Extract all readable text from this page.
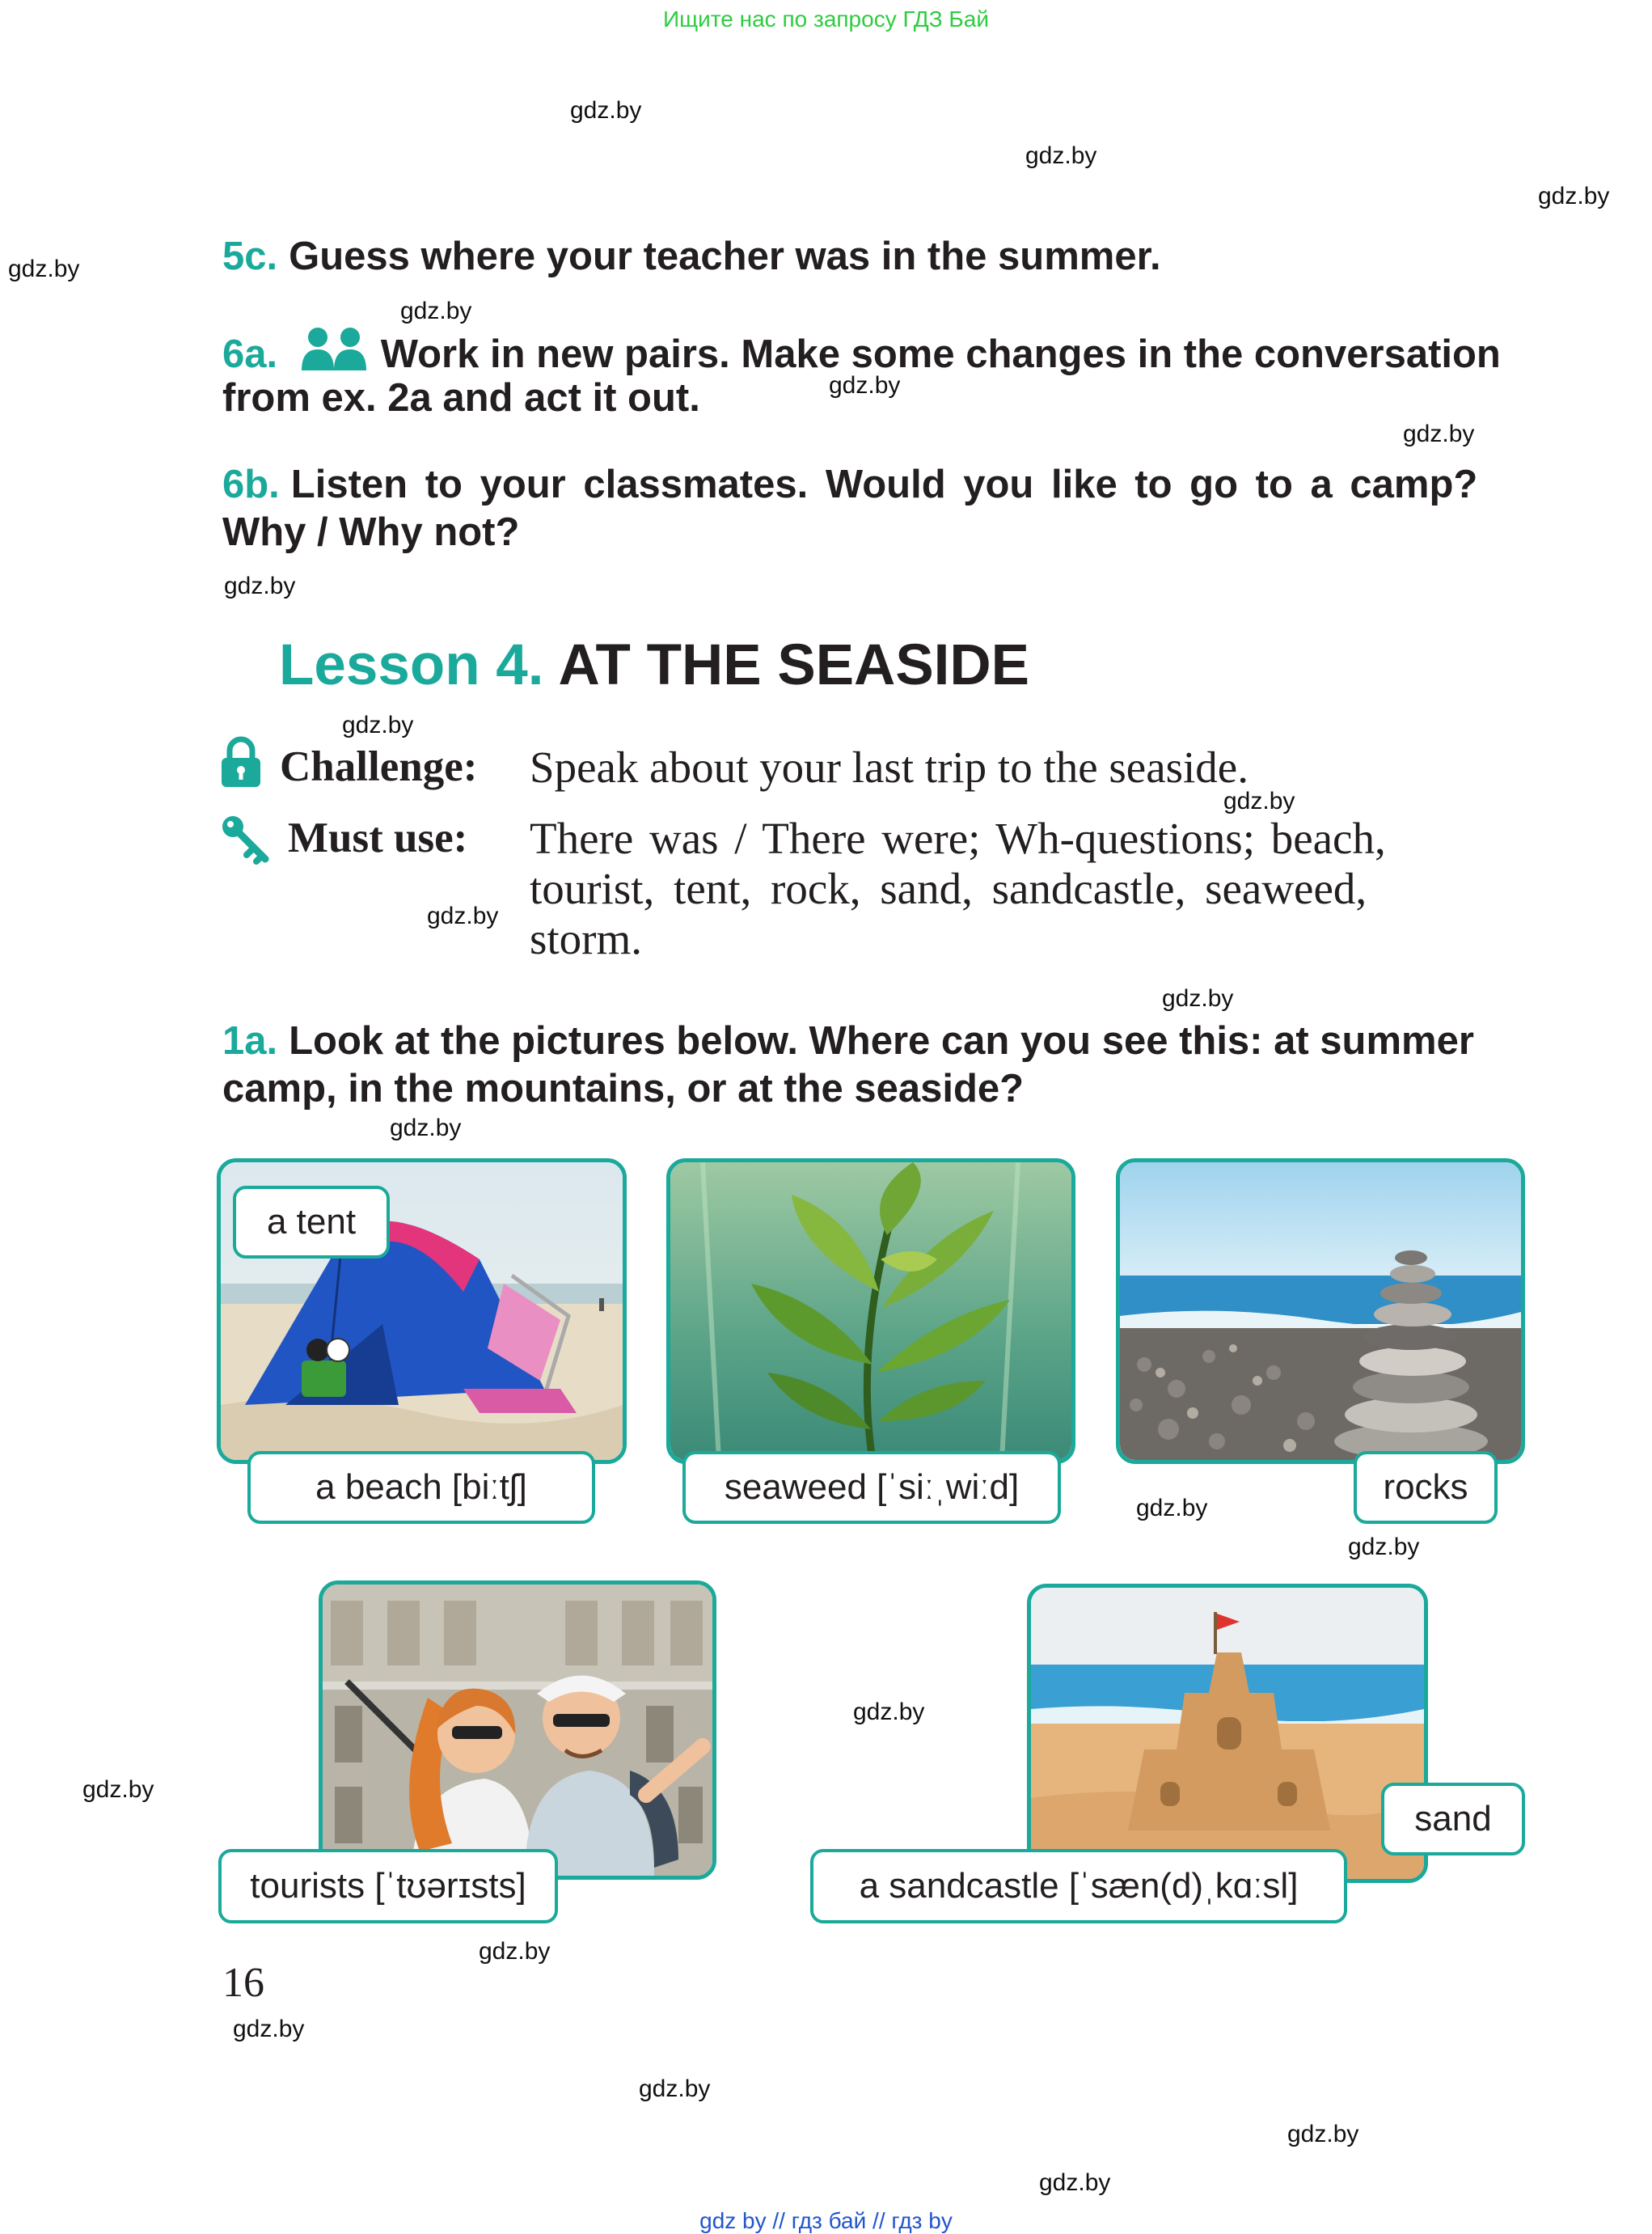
Ищите нас по запросу ГДЗ Бай
gdz.by
gdz.by
gdz.by
gdz.by
gdz.by
gdz.by
gdz.by
gdz.by
gdz.by
gdz.by
gdz.by
gdz.by
gdz.by
gdz.by
gdz.by
gdz.by
gdz.by
gdz.by
gdz.by
gdz.by
gdz.by
gdz.by
5c. Guess where your teacher was in the summer.
6a.	Work in new pairs. Make some changes in the conversation
from ex. 2a and act it out.
6b. Listen to your classmates. Would you like to go to a camp?
Why / Why not?
Lesson 4. AT THE SEASIDE
Challenge: Speak about your last trip to the seaside.
Must use: There was / There were; Wh-questions; beach,
tourist, tent, rock, sand, sandcastle, seaweed,
storm.
1a. Look at the pictures below. Where can you see this: at summer
camp, in the mountains, or at the seaside?
a tent
a beach [biːtʃ]	seaweed [ˈsiːˌwiːd]	rocks
tourists [ˈtʊərɪsts]
sand
a sandcastle [ˈsæn(d)ˌkɑːsl]
16
gdz by // гдз бай // гдз by
